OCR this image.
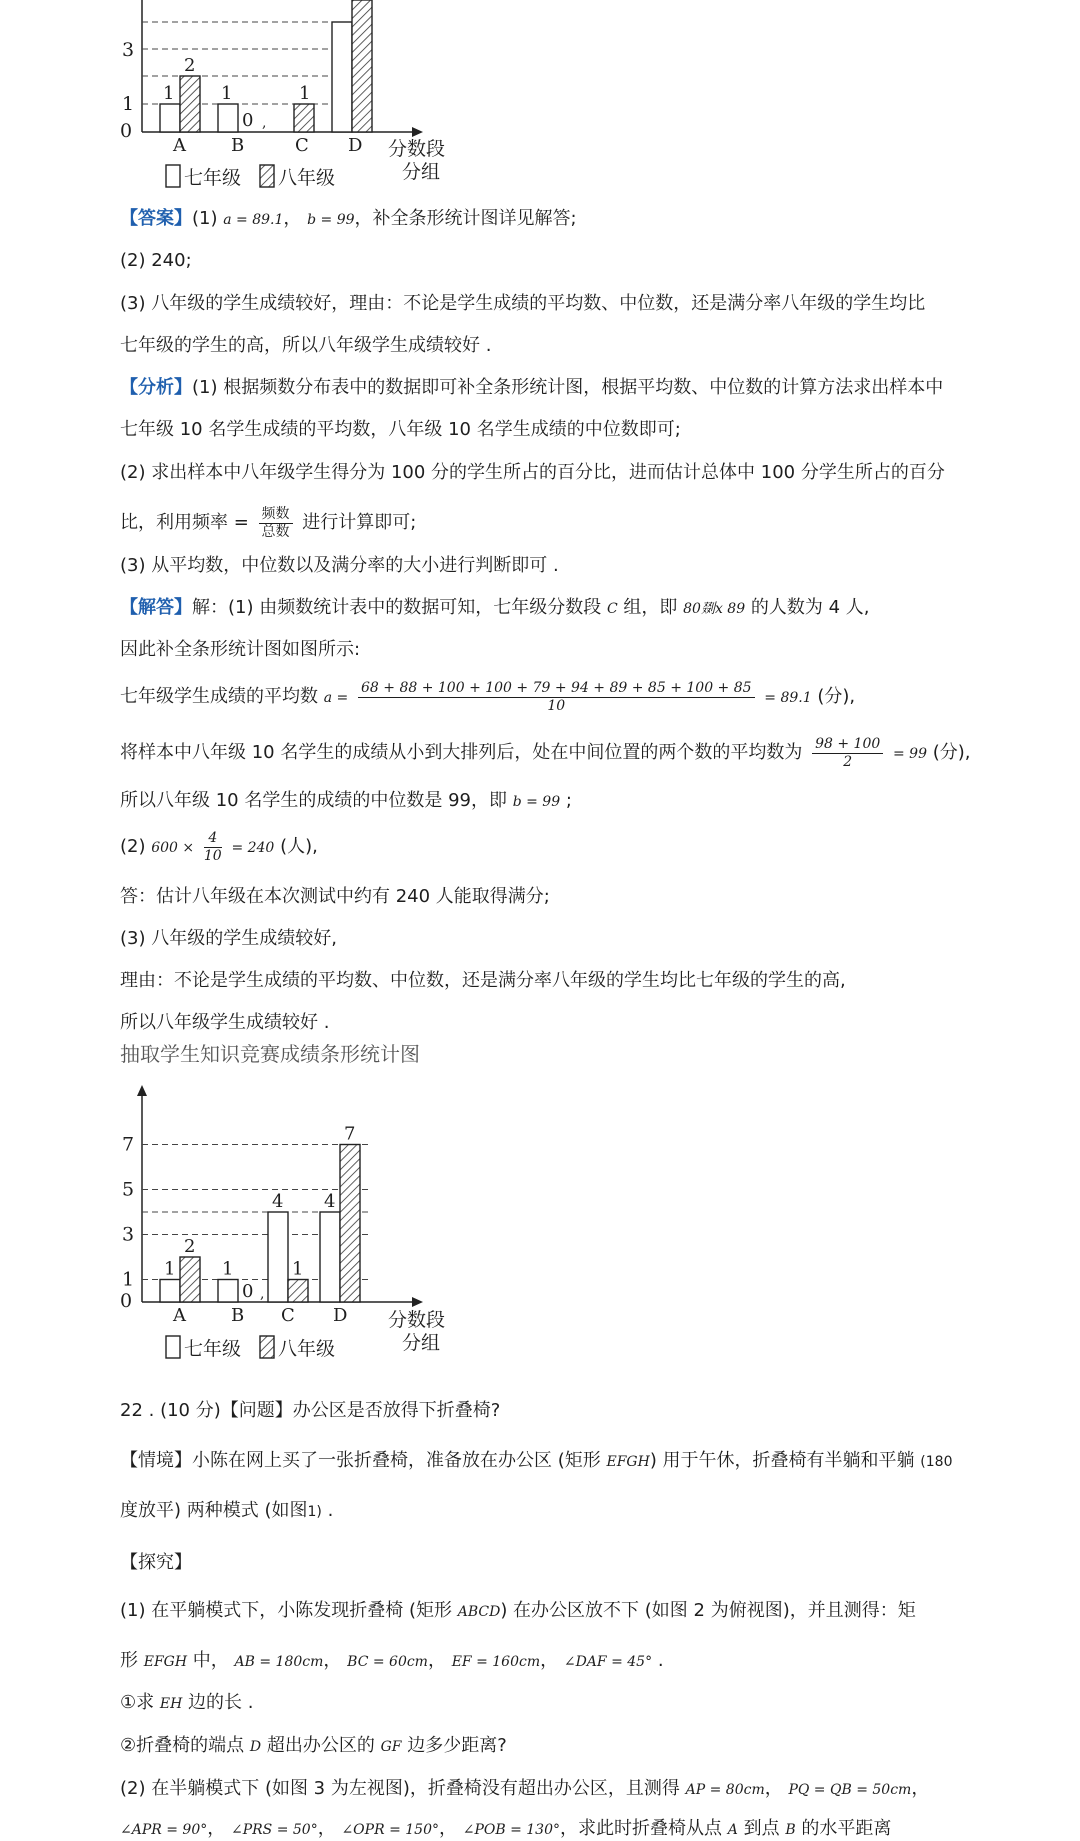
3
1
0
1
2
1
0 ,
1
A	B	C D 分数段
分组
七年级 八年级
【答案】(1) a = 89.1， b = 99，补全条形统计图详见解答;
(2) 240;
(3) 八年级的学生成绩较好，理由：不论是学生成绩的平均数、中位数，还是满分率八年级的学生均比
七年级的学生的高，所以八年级学生成绩较好 .
【分析】(1) 根据频数分布表中的数据即可补全条形统计图，根据平均数、中位数的计算方法求出样本中
七年级 10 名学生成绩的平均数，八年级 10 名学生成绩的中位数即可;
(2) 求出样本中八年级学生得分为 100 分的学生所占的百分比，进而估计总体中 100 分学生所占的百分
比，利用频率 = $\frac{\text{频数}}{\text{总数}}$ 进行计算即可;
(3) 从平均数，中位数以及满分率的大小进行判断即可 .
【解答】解：(1) 由频数统计表中的数据可知，七年级分数段 C 组，即 80剟x 89 的人数为 4 人,
因此补全条形统计图如图所示:
七年级学生成绩的平均数 $a = \frac{68 + 88 + 100 + 100 + 79 + 94 + 89 + 85 + 100 + 85}{10} = 89.1$ (分),
将样本中八年级 10 名学生的成绩从小到大排列后，处在中间位置的两个数的平均数为 $\frac{98 + 100}{2} = 99$ (分),
所以八年级 10 名学生的成绩的中位数是 99，即 b = 99 ;
(2) $600 \times \frac{4}{10} = 240$ (人),
答：估计八年级在本次测试中约有 240 人能取得满分;
(3) 八年级的学生成绩较好,
理由：不论是学生成绩的平均数、中位数，还是满分率八年级的学生均比七年级的学生的高,
所以八年级学生成绩较好 .
抽取学生知识竞赛成绩条形统计图
7
5
3
1
0
1
2
A
1
0 ,
B
4
1
C
4
7
D 分数段
分组
七年级 八年级
22 . (10 分)【问题】办公区是否放得下折叠椅?
【情境】小陈在网上买了一张折叠椅，准备放在办公区 (矩形 EFGH) 用于午休，折叠椅有半躺和平躺 (180
度放平) 两种模式 (如图1) .
【探究】
(1) 在平躺模式下，小陈发现折叠椅 (矩形 ABCD) 在办公区放不下 (如图 2 为俯视图)，并且测得：矩
形 EFGH 中， AB = 180cm， BC = 60cm， EF = 160cm， ∠DAF = 45° .
①求 EH 边的长 .
②折叠椅的端点 D 超出办公区的 GF 边多少距离?
(2) 在半躺模式下 (如图 3 为左视图)，折叠椅没有超出办公区，且测得 AP = 80cm， PQ = QB = 50cm，
∠APR = 90°， ∠PRS = 50°， ∠OPR = 150°， ∠POB = 130°，求此时折叠椅从点 A 到点 B 的水平距离
